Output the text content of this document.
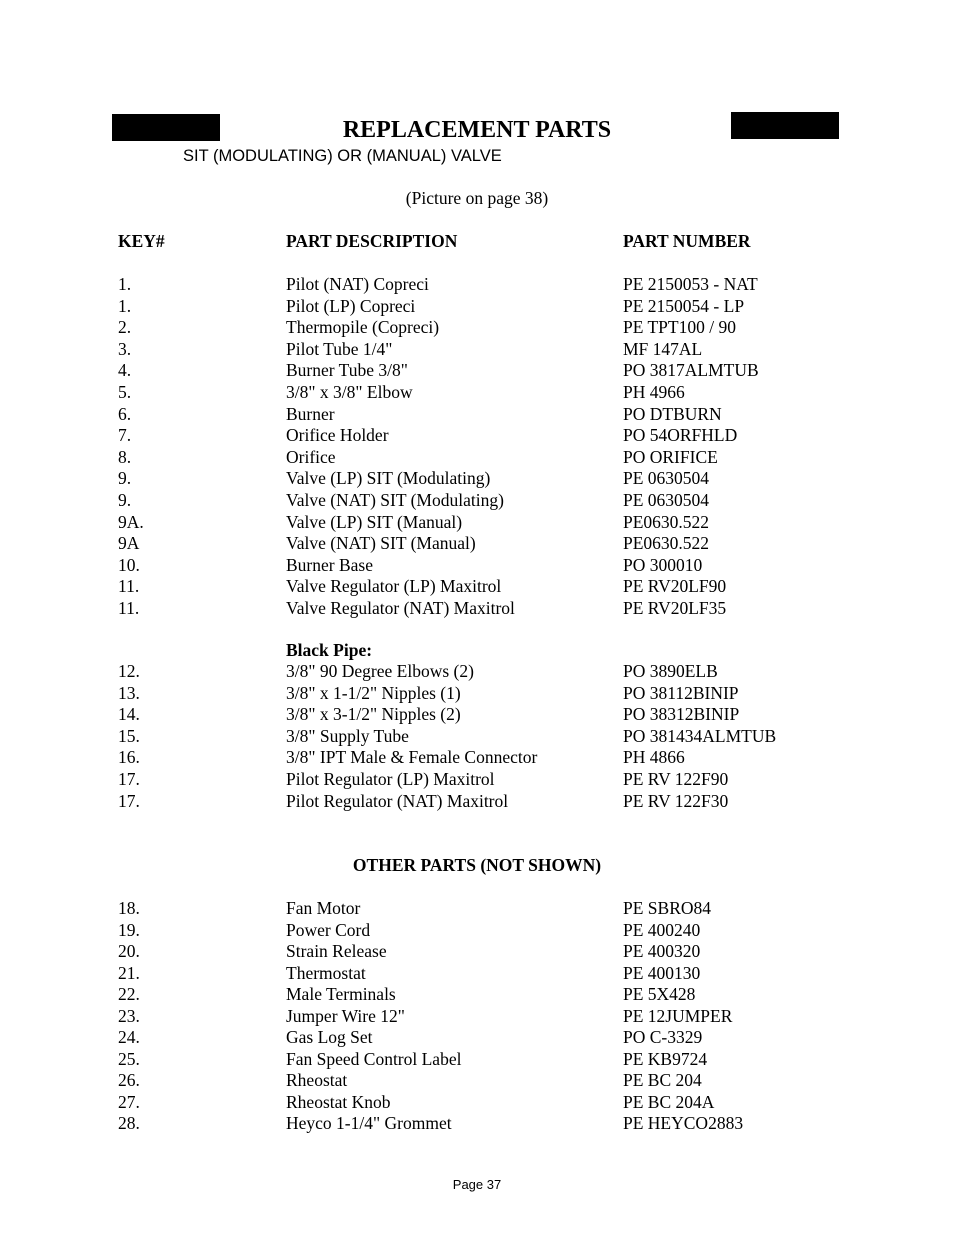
REPLACEMENT PARTS
SIT (MODULATING) OR (MANUAL) VALVE
(Picture on page 38)
KEY#	PART DESCRIPTION	PART NUMBER
1.	Pilot (NAT) Copreci	PE 2150053 - NAT
1.	Pilot (LP) Copreci	PE 2150054 - LP
2.	Thermopile (Copreci)	PE TPT100 / 90
3.	Pilot Tube 1/4"	MF 147AL
4.	Burner Tube 3/8"	PO 3817ALMTUB
5.	3/8" x 3/8" Elbow	PH 4966
6.	Burner	PO DTBURN
7.	Orifice Holder	PO 54ORFHLD
8.	Orifice	PO ORIFICE
9.	Valve (LP) SIT (Modulating)	PE 0630504
9.	Valve (NAT) SIT (Modulating)	PE 0630504
9A.	Valve (LP) SIT (Manual)	PE0630.522
9A	Valve (NAT) SIT (Manual)	PE0630.522
10.	Burner Base	PO 300010
11.	Valve Regulator (LP) Maxitrol	PE RV20LF90
11.	Valve Regulator (NAT) Maxitrol	PE RV20LF35
Black Pipe:
12.	3/8" 90 Degree Elbows (2)	PO 3890ELB
13.	3/8" x 1-1/2" Nipples (1)	PO 38112BINIP
14.	3/8" x 3-1/2" Nipples (2)	PO 38312BINIP
15.	3/8" Supply Tube	PO 381434ALMTUB
16.	3/8" IPT Male & Female Connector	PH 4866
17.	Pilot Regulator (LP) Maxitrol	PE RV 122F90
17.	Pilot Regulator (NAT) Maxitrol	PE RV 122F30
OTHER PARTS (NOT SHOWN)
18.	Fan Motor	PE SBRO84
19.	Power Cord	PE 400240
20.	Strain Release	PE 400320
21.	Thermostat	PE 400130
22.	Male Terminals	PE 5X428
23.	Jumper Wire 12"	PE 12JUMPER
24.	Gas Log Set	PO C-3329
25.	Fan Speed Control Label	PE KB9724
26.	Rheostat	PE BC 204
27.	Rheostat Knob	PE BC 204A
28.	Heyco 1-1/4" Grommet	PE HEYCO2883
Page 37
